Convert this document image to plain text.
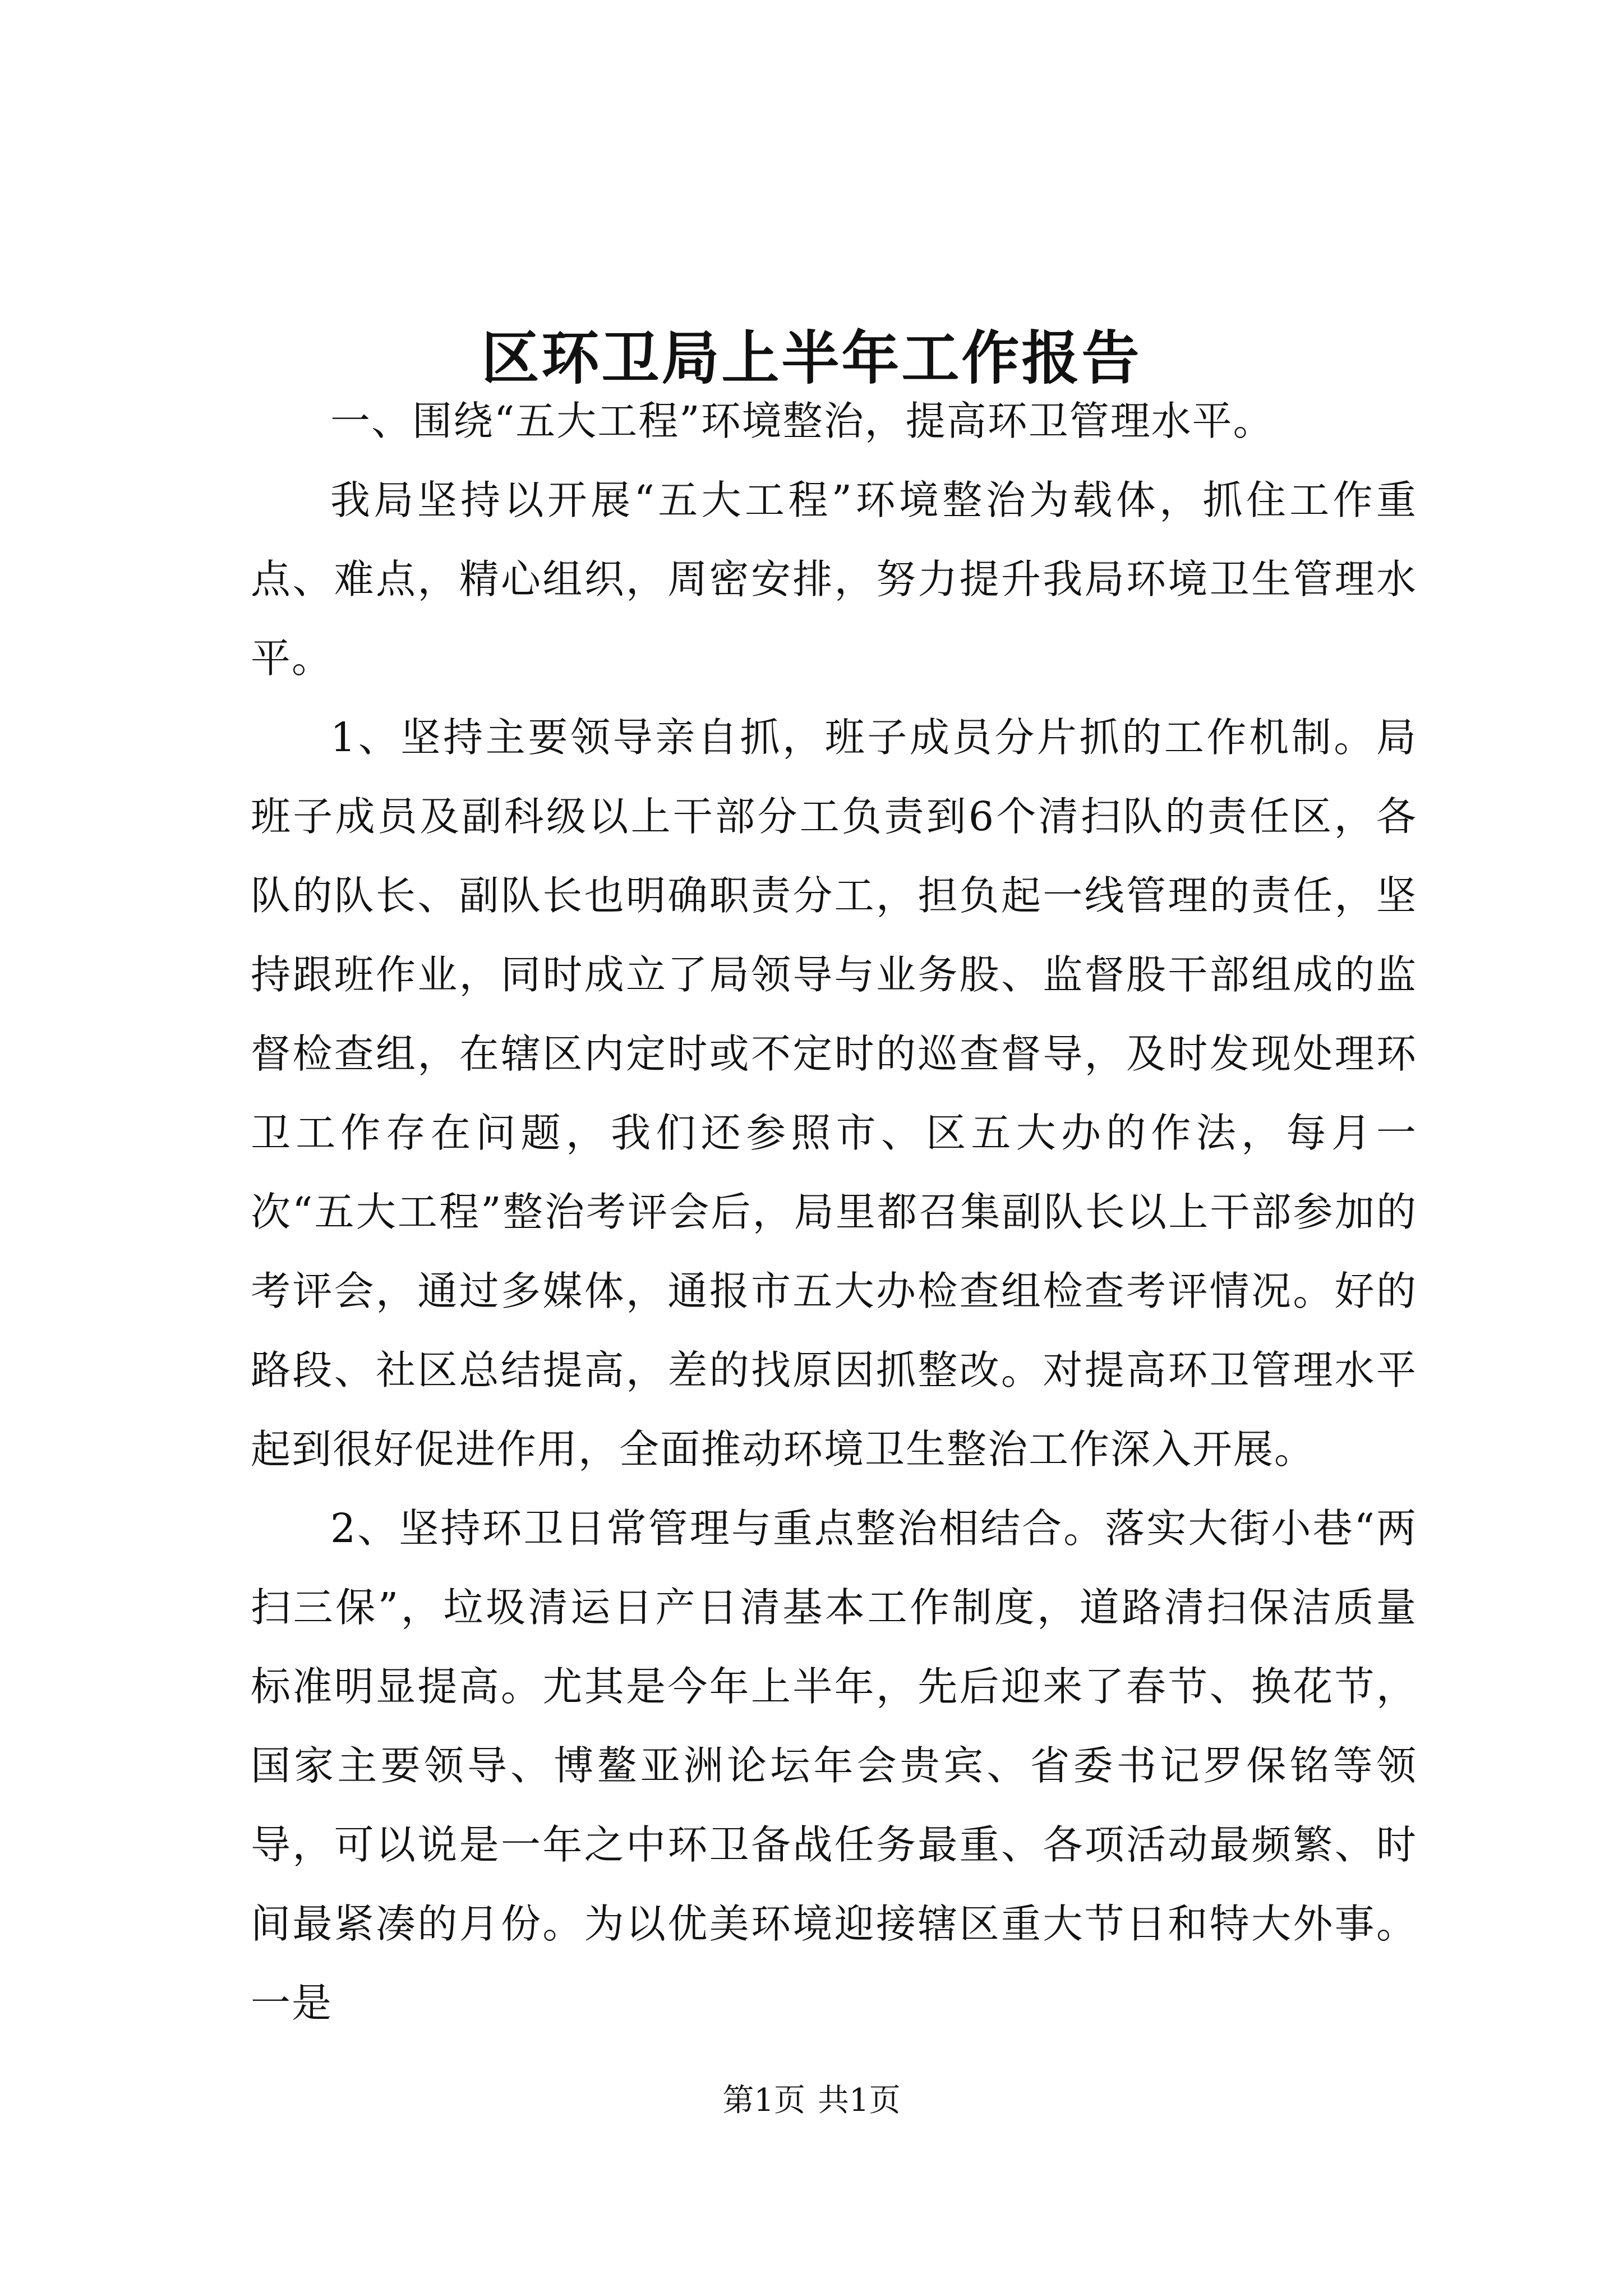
区环卫局上半年工作报告

一、围绕“五大工程”环境整治，提高环卫管理水平。

我局坚持以开展“五大工程”环境整治为载体，抓住工作重点、难点，精心组织，周密安排，努力提升我局环境卫生管理水平。

1、坚持主要领导亲自抓，班子成员分片抓的工作机制。局班子成员及副科级以上干部分工负责到6个清扫队的责任区，各队的队长、副队长也明确职责分工，担负起一线管理的责任，坚持跟班作业，同时成立了局领导与业务股、监督股干部组成的监督检查组，在辖区内定时或不定时的巡查督导，及时发现处理环卫工作存在问题，我们还参照市、区五大办的作法，每月一次“五大工程”整治考评会后，局里都召集副队长以上干部参加的考评会，通过多媒体，通报市五大办检查组检查考评情况。好的路段、社区总结提高，差的找原因抓整改。对提高环卫管理水平起到很好促进作用，全面推动环境卫生整治工作深入开展。

2、坚持环卫日常管理与重点整治相结合。落实大街小巷“两扫三保”，垃圾清运日产日清基本工作制度，道路清扫保洁质量标准明显提高。尤其是今年上半年，先后迎来了春节、换花节，国家主要领导、博鳌亚洲论坛年会贵宾、省委书记罗保铭等领导，可以说是一年之中环卫备战任务最重、各项活动最频繁、时间最紧凑的月份。为以优美环境迎接辖区重大节日和特大外事。一是

第1页 共1页
